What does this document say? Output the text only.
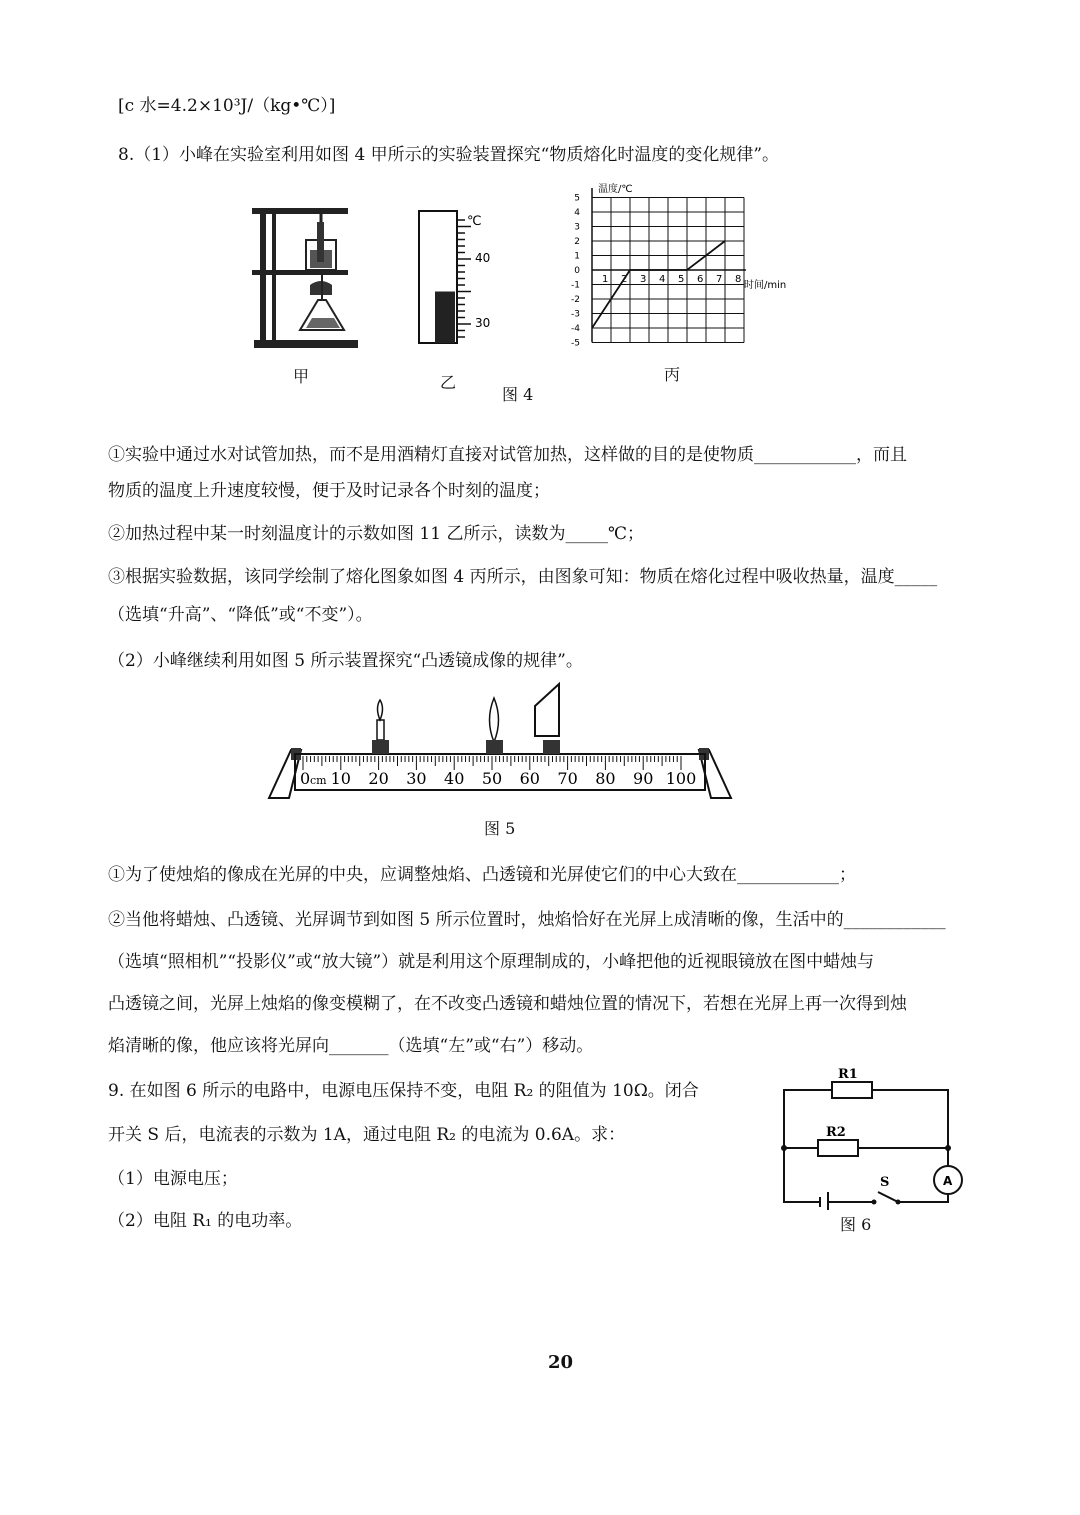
[c 水=4.2×10³J/（kg•℃）]
8.（1）小峰在实验室利用如图 4 甲所示的实验装置探究“物质熔化时温度的变化规律”。
甲
℃
40
30
乙
5
4
3
2
1
0
-1
-2
-3
-4
-5
1 2 3 4 5 6 7 8
温度/℃
时间/min
丙
图 4
①实验中通过水对试管加热，而不是用酒精灯直接对试管加热，这样做的目的是使物质____________，而且
物质的温度上升速度较慢，便于及时记录各个时刻的温度；
②加热过程中某一时刻温度计的示数如图 11 乙所示，读数为_____℃；
③根据实验数据，该同学绘制了熔化图象如图 4 丙所示，由图象可知：物质在熔化过程中吸收热量，温度_____
（选填“升高”、“降低”或“不变”）。
（2）小峰继续利用如图 5 所示装置探究“凸透镜成像的规律”。
0 cm 10 20 30 40 50 60 70 80 90 100
图 5
①为了使烛焰的像成在光屏的中央，应调整烛焰、凸透镜和光屏使它们的中心大致在____________；
②当他将蜡烛、凸透镜、光屏调节到如图 5 所示位置时，烛焰恰好在光屏上成清晰的像，生活中的____________
（选填“照相机”“投影仪”或“放大镜”）就是利用这个原理制成的，小峰把他的近视眼镜放在图中蜡烛与
凸透镜之间，光屏上烛焰的像变模糊了，在不改变凸透镜和蜡烛位置的情况下，若想在光屏上再一次得到烛
焰清晰的像，他应该将光屏向_______（选填“左”或“右”）移动。
9. 在如图 6 所示的电路中，电源电压保持不变，电阻 R₂ 的阻值为 10Ω。闭合
开关 S 后，电流表的示数为 1A，通过电阻 R₂ 的电流为 0.6A。求：
（1）电源电压；
（2）电阻 R₁ 的电功率。
R1
R2
S	A
图 6
20
